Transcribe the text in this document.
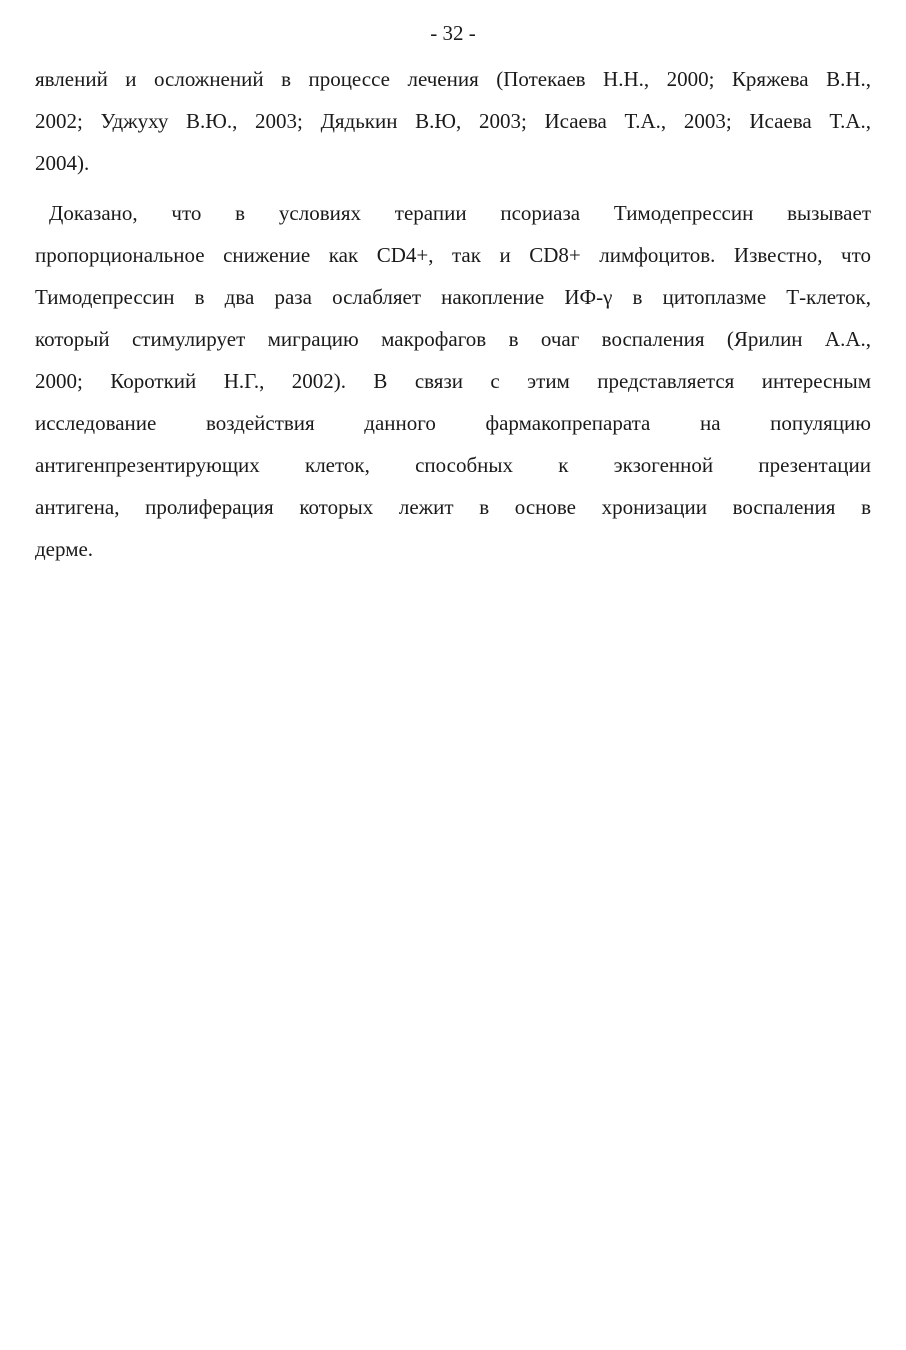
- 32 -
явлений и осложнений в процессе лечения (Потекаев Н.Н., 2000; Кряжева В.Н.,
2002; Уджуху В.Ю., 2003; Дядькин В.Ю, 2003; Исаева Т.А., 2003; Исаева Т.А.,
2004).
Доказано, что в условиях терапии псориаза Тимодепрессин вызывает
пропорциональное снижение как CD4+, так и CD8+ лимфоцитов. Известно, что
Тимодепрессин в два раза ослабляет накопление ИФ-γ в цитоплазме Т-клеток,
который стимулирует миграцию макрофагов в очаг воспаления (Ярилин А.А.,
2000; Короткий Н.Г., 2002). В связи с этим представляется интересным
исследование воздействия данного фармакопрепарата на популяцию
антигенпрезентирующих клеток, способных к экзогенной презентации
антигена, пролиферация которых лежит в основе хронизации воспаления в
дерме.
